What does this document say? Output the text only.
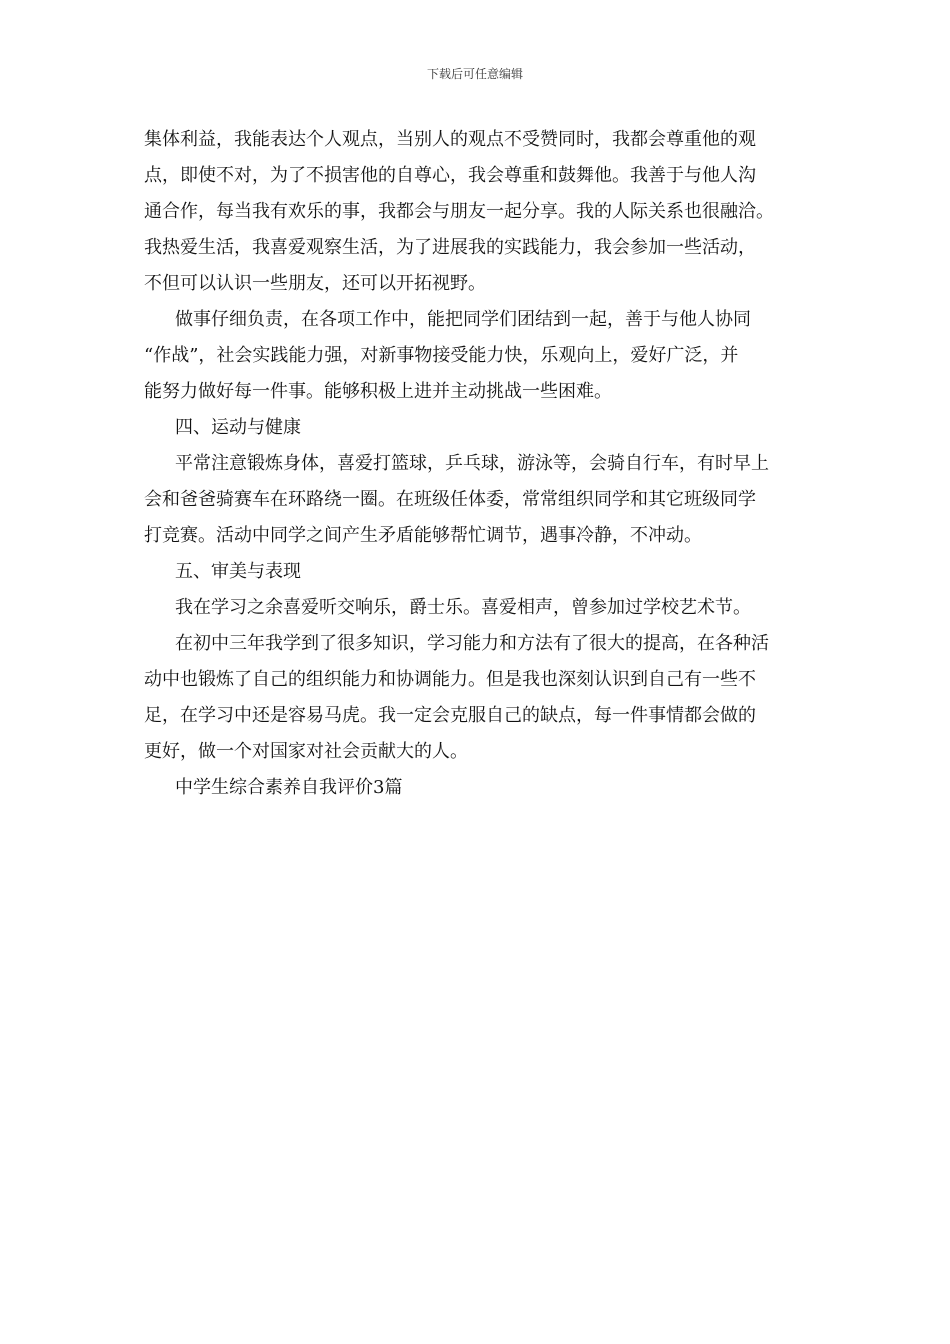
下载后可任意编辑
集体利益，我能表达个人观点，当别人的观点不受赞同时，我都会尊重他的观
点，即使不对，为了不损害他的自尊心，我会尊重和鼓舞他。我善于与他人沟
通合作，每当我有欢乐的事，我都会与朋友一起分享。我的人际关系也很融洽。
我热爱生活，我喜爱观察生活，为了进展我的实践能力，我会参加一些活动，
不但可以认识一些朋友，还可以开拓视野。
做事仔细负责，在各项工作中，能把同学们团结到一起，善于与他人协同
“作战”，社会实践能力强，对新事物接受能力快，乐观向上，爱好广泛，并
能努力做好每一件事。能够积极上进并主动挑战一些困难。
四、运动与健康
平常注意锻炼身体，喜爱打篮球，乒乓球，游泳等，会骑自行车，有时早上
会和爸爸骑赛车在环路绕一圈。在班级任体委，常常组织同学和其它班级同学
打竞赛。活动中同学之间产生矛盾能够帮忙调节，遇事冷静，不冲动。
五、审美与表现
我在学习之余喜爱听交响乐，爵士乐。喜爱相声，曾参加过学校艺术节。
在初中三年我学到了很多知识，学习能力和方法有了很大的提高，在各种活
动中也锻炼了自己的组织能力和协调能力。但是我也深刻认识到自己有一些不
足，在学习中还是容易马虎。我一定会克服自己的缺点，每一件事情都会做的
更好，做一个对国家对社会贡献大的人。
中学生综合素养自我评价3篇
